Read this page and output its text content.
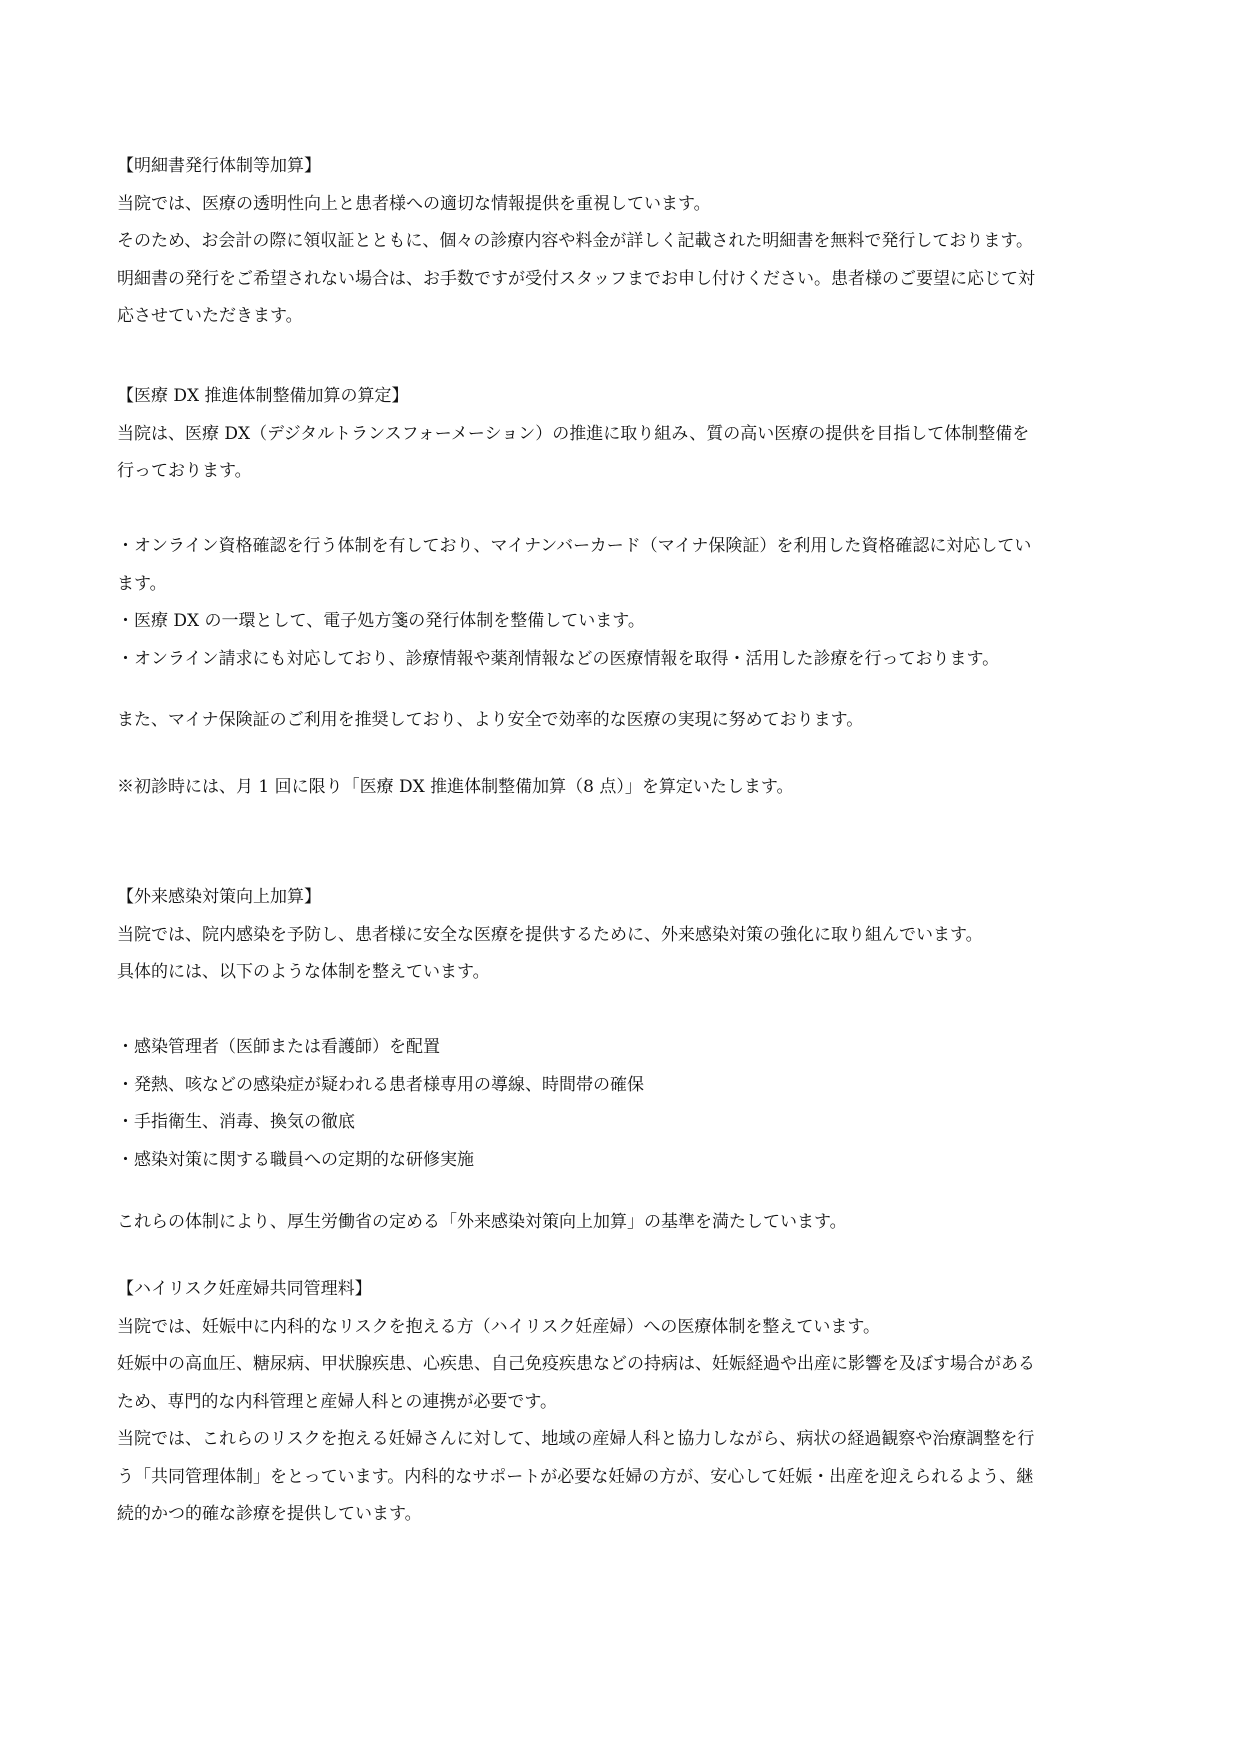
【明細書発行体制等加算】
当院では、医療の透明性向上と患者様への適切な情報提供を重視しています。
そのため、お会計の際に領収証とともに、個々の診療内容や料金が詳しく記載された明細書を無料で発行しております。
明細書の発行をご希望されない場合は、お手数ですが受付スタッフまでお申し付けください。患者様のご要望に応じて対
応させていただきます。
【医療 DX 推進体制整備加算の算定】
当院は、医療 DX（デジタルトランスフォーメーション）の推進に取り組み、質の高い医療の提供を目指して体制整備を
行っております。
・オンライン資格確認を行う体制を有しており、マイナンバーカード（マイナ保険証）を利用した資格確認に対応してい
ます。
・医療 DX の一環として、電子処方箋の発行体制を整備しています。
・オンライン請求にも対応しており、診療情報や薬剤情報などの医療情報を取得・活用した診療を行っております。
また、マイナ保険証のご利用を推奨しており、より安全で効率的な医療の実現に努めております。
※初診時には、月 1 回に限り「医療 DX 推進体制整備加算（8 点）」を算定いたします。
【外来感染対策向上加算】
当院では、院内感染を予防し、患者様に安全な医療を提供するために、外来感染対策の強化に取り組んでいます。
具体的には、以下のような体制を整えています。
・感染管理者（医師または看護師）を配置
・発熱、咳などの感染症が疑われる患者様専用の導線、時間帯の確保
・手指衛生、消毒、換気の徹底
・感染対策に関する職員への定期的な研修実施
これらの体制により、厚生労働省の定める「外来感染対策向上加算」の基準を満たしています。
【ハイリスク妊産婦共同管理料】
当院では、妊娠中に内科的なリスクを抱える方（ハイリスク妊産婦）への医療体制を整えています。
妊娠中の高血圧、糖尿病、甲状腺疾患、心疾患、自己免疫疾患などの持病は、妊娠経過や出産に影響を及ぼす場合がある
ため、専門的な内科管理と産婦人科との連携が必要です。
当院では、これらのリスクを抱える妊婦さんに対して、地域の産婦人科と協力しながら、病状の経過観察や治療調整を行
う「共同管理体制」をとっています。内科的なサポートが必要な妊婦の方が、安心して妊娠・出産を迎えられるよう、継
続的かつ的確な診療を提供しています。
